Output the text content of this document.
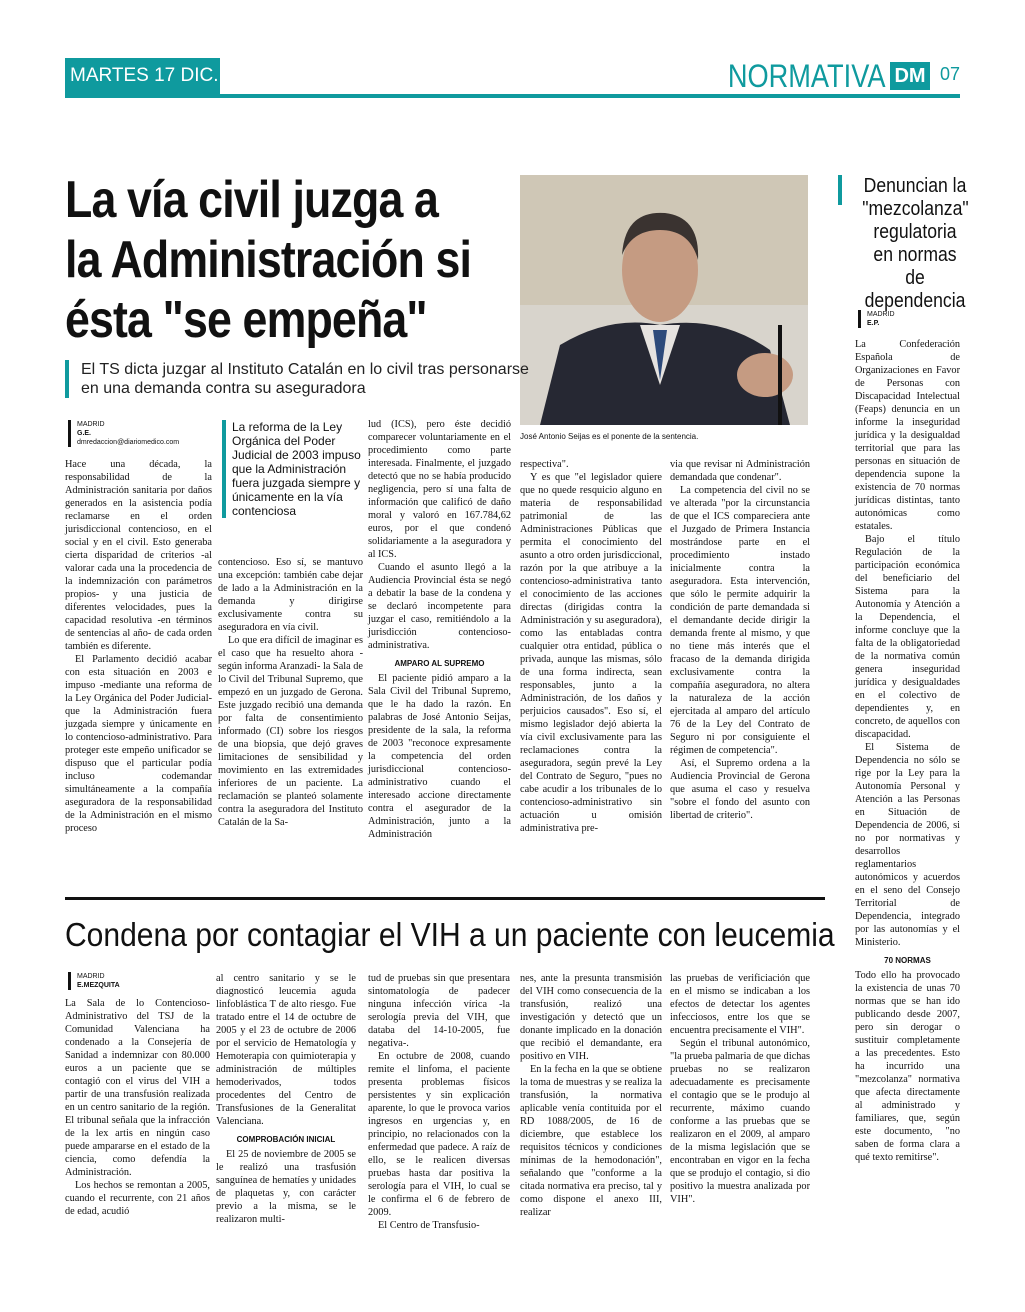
MARTES 17 DIC.	NORMATIVA DM 07
La vía civil juzga a
la Administración si
ésta "se empeña"
José Antonio Seijas es el ponente de la sentencia.
El TS dicta juzgar al Instituto Catalán en lo civil tras personarse en una demanda contra su aseguradora
MADRID
G.E.
dmredaccion@diariomedico.com
La reforma de la Ley Orgánica del Poder Judicial de 2003 impuso que la Administración fuera juzgada siempre y únicamente en la vía contenciosa

Hace una década, la responsabilidad de la Administración sanitaria por daños generados en la asistencia podía reclamarse en el orden jurisdiccional contencioso, en el social y en el civil. Esto generaba cierta disparidad de criterios -al valorar cada una la procedencia de la indemnización con parámetros propios- y una justicia de diferentes velocidades, pues la capacidad resolutiva -en términos de sentencias al año- de cada orden también es diferente.

El Parlamento decidió acabar con esta situación en 2003 e impuso -mediante una reforma de la Ley Orgánica del Poder Judicial- que la Administración fuera juzgada siempre y únicamente en lo contencioso-administrativo. Para proteger este empeño unificador se dispuso que el particular podía incluso codemandar simultáneamente a la compañía aseguradora de la responsabilidad de la Administración en el mismo proceso

contencioso. Eso sí, se mantuvo una excepción: también cabe dejar de lado a la Administración en la demanda y dirigirse exclusivamente contra su aseguradora en vía civil.

Lo que era difícil de imaginar es el caso que ha resuelto ahora -según informa Aranzadi- la Sala de lo Civil del Tribunal Supremo, que empezó en un juzgado de Gerona. Este juzgado recibió una demanda por falta de consentimiento informado (CI) sobre los riesgos de una biopsia, que dejó graves limitaciones de sensibilidad y movimiento en las extremidades inferiores de un paciente. La reclamación se planteó solamente contra la aseguradora del Instituto Catalán de la Sa-

lud (ICS), pero éste decidió comparecer voluntariamente en el procedimiento como parte interesada. Finalmente, el juzgado detectó que no se había producido negligencia, pero sí una falta de información que calificó de daño moral y valoró en 167.784,62 euros, por el que condenó solidariamente a la aseguradora y al ICS.

Cuando el asunto llegó a la Audiencia Provincial ésta se negó a debatir la base de la condena y se declaró incompetente para juzgar el caso, remitiéndolo a la jurisdicción contencioso-administrativa.

AMPARO AL SUPREMO

El paciente pidió amparo a la Sala Civil del Tribunal Supremo, que le ha dado la razón. En palabras de José Antonio Seijas, presidente de la sala, la reforma de 2003 "reconoce expresamente la competencia del orden jurisdiccional contencioso-administrativo cuando el interesado accione directamente contra el asegurador de la Administración, junto a la Administración

respectiva".

Y es que "el legislador quiere que no quede resquicio alguno en materia de responsabilidad patrimonial de las Administraciones Públicas que permita el conocimiento del asunto a otro orden jurisdiccional, razón por la que atribuye a la contencioso-administrativa tanto el conocimiento de las acciones directas (dirigidas contra la Administración y su aseguradora), como las entabladas contra cualquier otra entidad, pública o privada, aunque las mismas, sólo de una forma indirecta, sean responsables, junto a la Administración, de los daños y perjuicios causados". Eso sí, el mismo legislador dejó abierta la vía civil exclusivamente para las reclamaciones contra la aseguradora, según prevé la Ley del Contrato de Seguro, "pues no cabe acudir a los tribunales de lo contencioso-administrativo sin actuación u omisión administrativa pre-

via que revisar ni Administración demandada que condenar".

La competencia del civil no se ve alterada "por la circunstancia de que el ICS compareciera ante el Juzgado de Primera Instancia mostrándose parte en el procedimiento instado inicialmente contra la aseguradora. Esta intervención, que sólo le permite adquirir la condición de parte demandada si el demandante decide dirigir la demanda frente al mismo, y que no tiene más interés que el fracaso de la demanda dirigida exclusivamente contra la compañía aseguradora, no altera la naturaleza de la acción ejercitada al amparo del artículo 76 de la Ley del Contrato de Seguro ni por consiguiente el régimen de competencia".

Así, el Supremo ordena a la Audiencia Provincial de Gerona que asuma el caso y resuelva "sobre el fondo del asunto con libertad de criterio".

Condena por contagiar el VIH a un paciente con leucemia
MADRID
E.MEZQUITA

La Sala de lo Contencioso-Administrativo del TSJ de la Comunidad Valenciana ha condenado a la Consejería de Sanidad a indemnizar con 80.000 euros a un paciente que se contagió con el virus del VIH a partir de una transfusión realizada en un centro sanitario de la región. El tribunal señala que la infracción de la lex artis en ningún caso puede ampararse en el estado de la ciencia, como defendía la Administración.

Los hechos se remontan a 2005, cuando el recurrente, con 21 años de edad, acudió

al centro sanitario y se le diagnosticó leucemia aguda linfoblástica T de alto riesgo. Fue tratado entre el 14 de octubre de 2005 y el 23 de octubre de 2006 por el servicio de Hematología y Hemoterapia con quimioterapia y administración de múltiples hemoderivados, todos procedentes del Centro de Transfusiones de la Generalitat Valenciana.

COMPROBACIÓN INICIAL

El 25 de noviembre de 2005 se le realizó una trasfusión sanguínea de hematíes y unidades de plaquetas y, con carácter previo a la misma, se le realizaron multi-

tud de pruebas sin que presentara sintomatología de padecer ninguna infección vírica -la serología previa del VIH, que databa del 14-10-2005, fue negativa-.

En octubre de 2008, cuando remite el linfoma, el paciente presenta problemas físicos persistentes y sin explicación aparente, lo que le provoca varios ingresos en urgencias y, en principio, no relacionados con la enfermedad que padece. A raíz de ello, se le realicen diversas pruebas hasta dar positiva la serología para el VIH, lo cual se le confirma el 6 de febrero de 2009.

El Centro de Transfusio-

nes, ante la presunta transmisión del VIH como consecuencia de la transfusión, realizó una investigación y detectó que un donante implicado en la donación que recibió el demandante, era positivo en VIH.

En la fecha en la que se obtiene la toma de muestras y se realiza la transfusión, la normativa aplicable venía contituida por el RD 1088/2005, de 16 de diciembre, que establece los requisitos técnicos y condiciones mínimas de la hemodonación", señalando que "conforme a la citada normativa era preciso, tal y como dispone el anexo III, realizar

las pruebas de verificiación que en el mismo se indicaban a los efectos de detectar los agentes infecciosos, entre los que se encuentra precisamente el VIH".

Según el tribunal autonómico, "la prueba palmaria de que dichas pruebas no se realizaron adecuadamente es precisamente el contagio que se le produjo al recurrente, máximo cuando conforme a las pruebas que se realizaron en el 2009, al amparo de la misma legislación que se encontraban en vigor en la fecha que se produjo el contagio, si dio positivo la muestra analizada por VIH".

Denuncian la "mezcolanza" regulatoria en normas de dependencia
MADRID
E.P.

La Confederación Española de Organizaciones en Favor de Personas con Discapacidad Intelectual (Feaps) denuncia en un informe la inseguridad jurídica y la desigualdad territorial que para las personas en situación de dependencia supone la existencia de 70 normas jurídicas distintas, tanto autonómicas como estatales.

Bajo el título Regulación de la participación económica del beneficiario del Sistema para la Autonomía y Atención a la Dependencia, el informe concluye que la falta de la obligatoriedad de la normativa común genera inseguridad jurídica y desigualdades en el colectivo de dependientes y, en concreto, de aquellos con discapacidad.

El Sistema de Dependencia no sólo se rige por la Ley para la Autonomía Personal y Atención a las Personas en Situación de Dependencia de 2006, si no por normativas y desarrollos reglamentarios autonómicos y acuerdos en el seno del Consejo Territorial de Dependencia, integrado por las autonomías y el Ministerio.

70 NORMAS

Todo ello ha provocado la existencia de unas 70 normas que se han ido publicando desde 2007, pero sin derogar o sustituir completamente a las precedentes. Esto ha incurrido una "mezcolanza" normativa que afecta directamente al administrado y familiares, que, según este documento, "no saben de forma clara a qué texto remitirse".
